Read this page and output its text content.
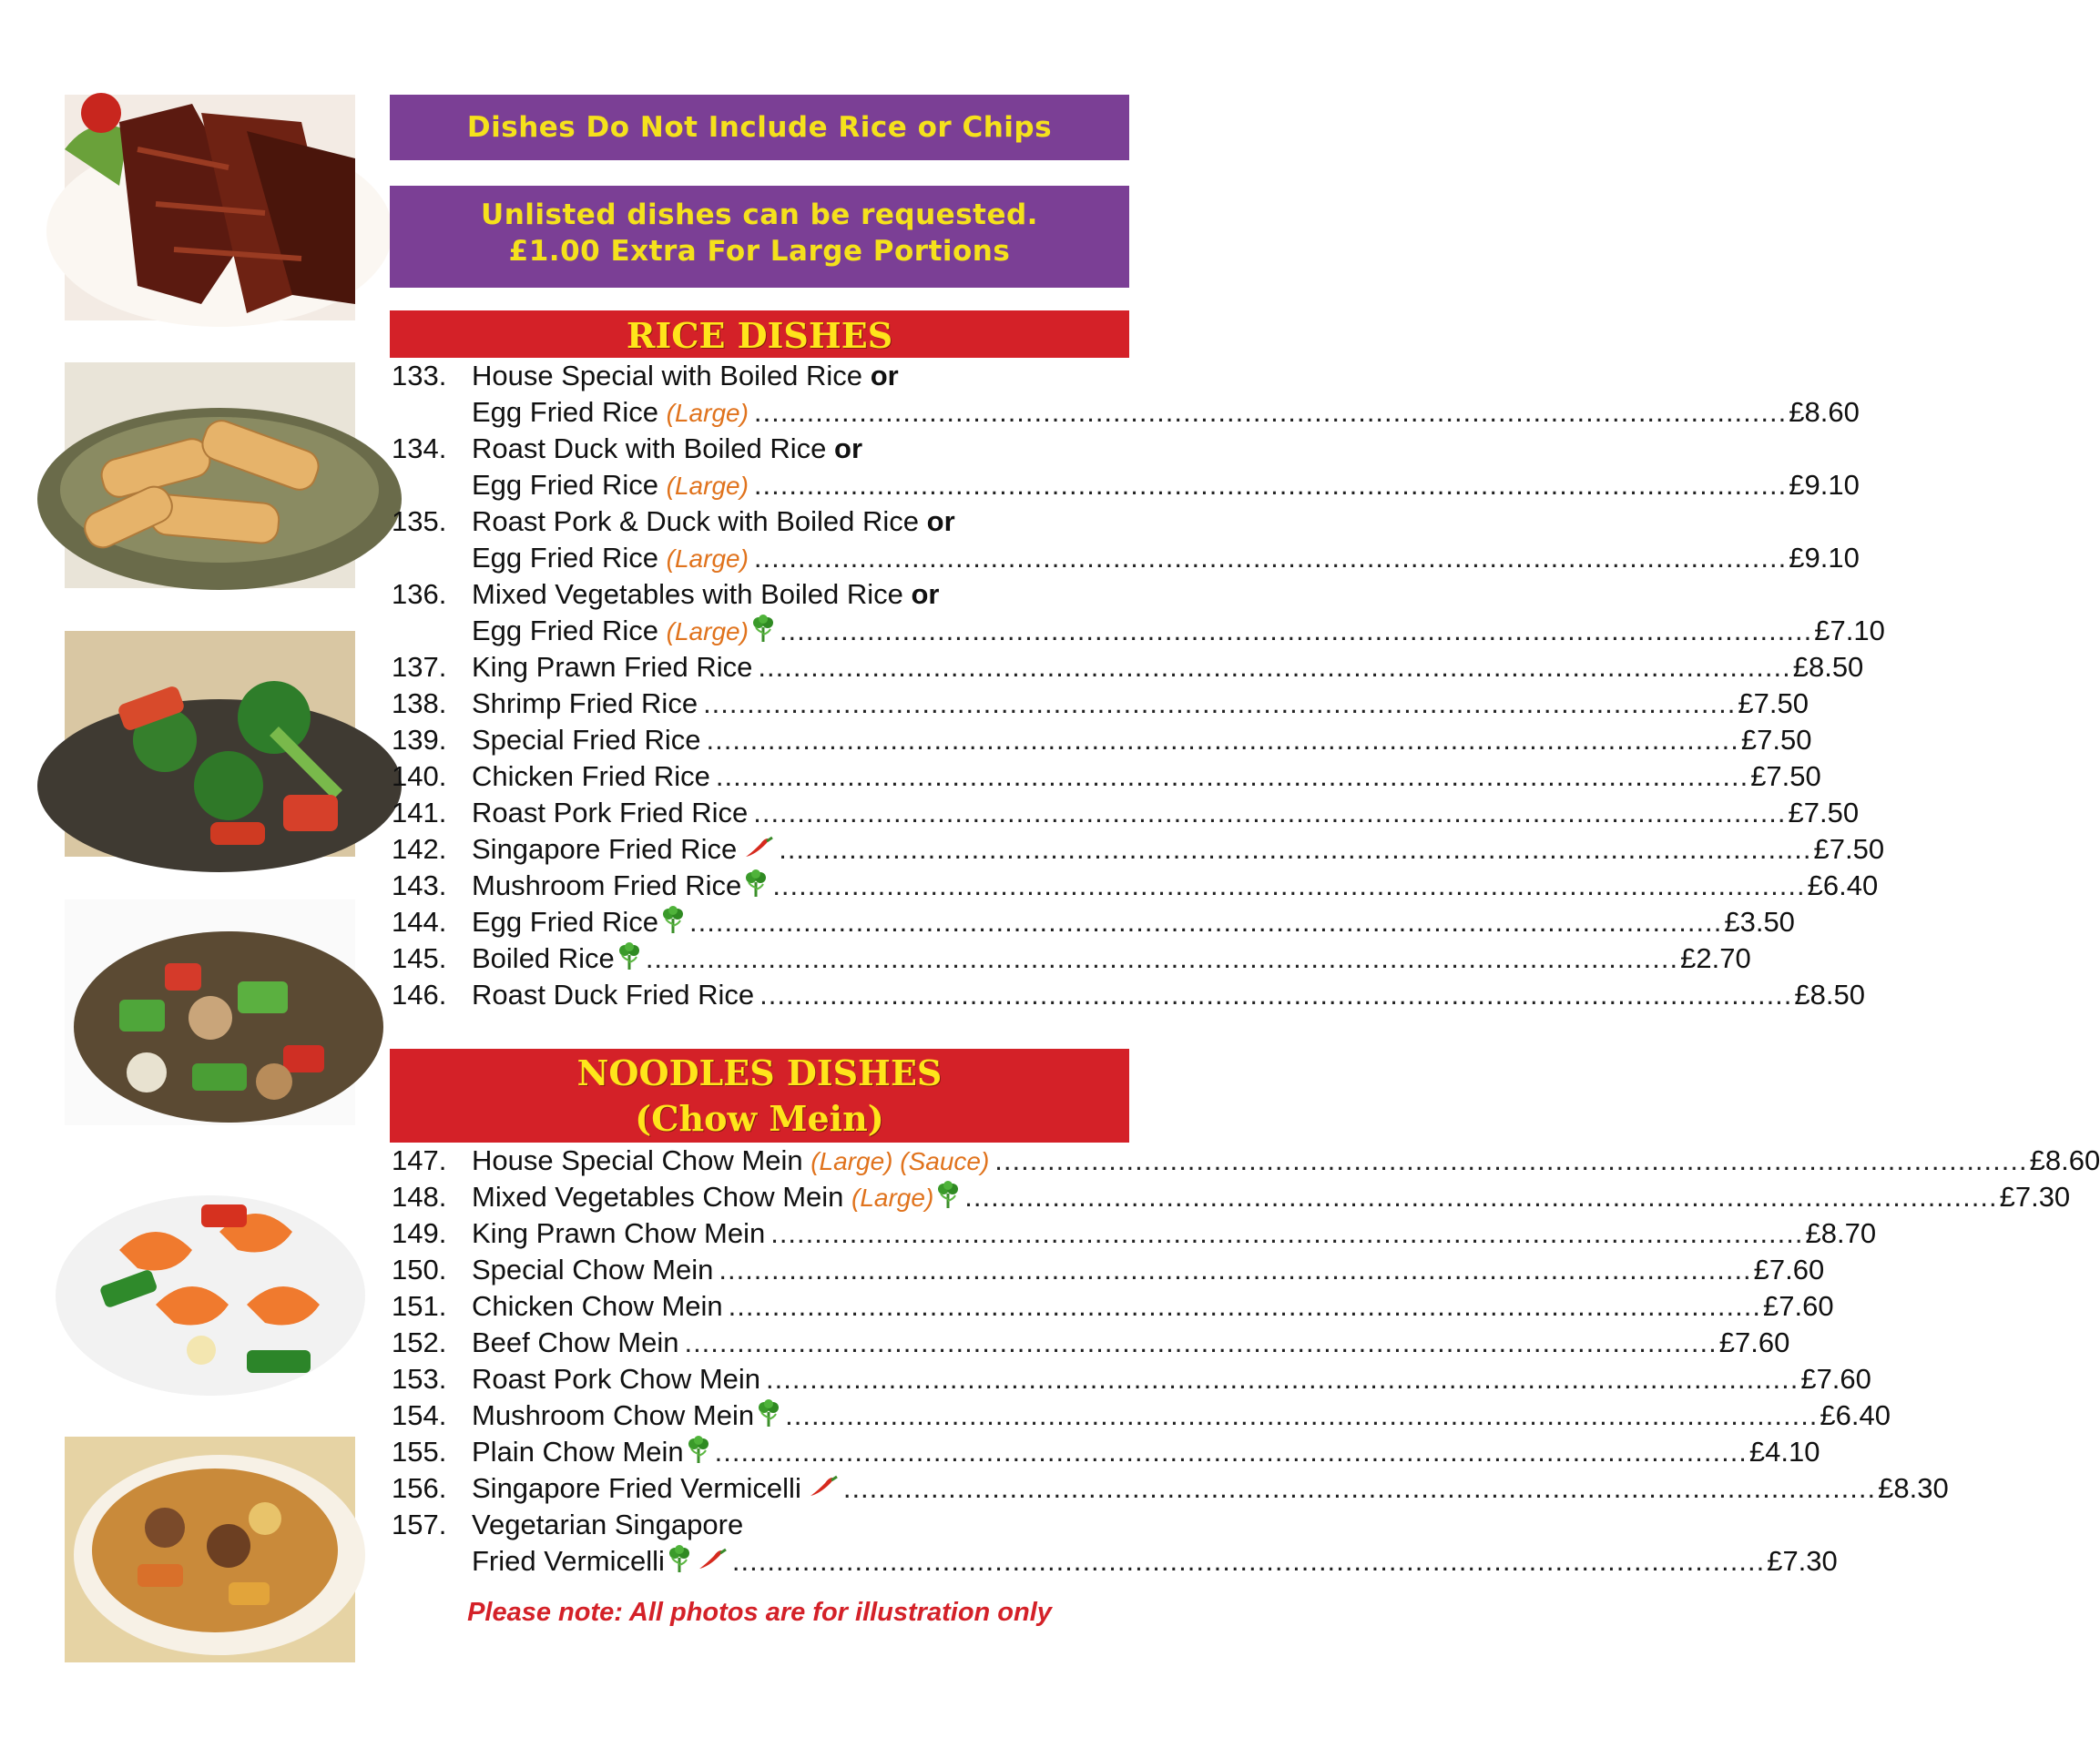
Dishes Do Not Include Rice or Chips
Unlisted dishes can be requested.
£1.00 Extra For Large Portions
RICE DISHES
133. House Special with Boiled Rice or
Egg Fried Rice (Large) ...................................................................................................................... £8.60
134. Roast Duck with Boiled Rice or
Egg Fried Rice (Large) ...................................................................................................................... £9.10
135. Roast Pork & Duck with Boiled Rice or
Egg Fried Rice (Large) ...................................................................................................................... £9.10
136. Mixed Vegetables with Boiled Rice or
Egg Fried Rice (Large)	...................................................................................................................... £7.10
137. King Prawn Fried Rice ...................................................................................................................... £8.50
138. Shrimp Fried Rice ...................................................................................................................... £7.50
139. Special Fried Rice ...................................................................................................................... £7.50
140. Chicken Fried Rice ...................................................................................................................... £7.50
141. Roast Pork Fried Rice ...................................................................................................................... £7.50
142. Singapore Fried Rice	...................................................................................................................... £7.50
143. Mushroom Fried Rice	...................................................................................................................... £6.40
144. Egg Fried Rice	...................................................................................................................... £3.50
145. Boiled Rice	...................................................................................................................... £2.70
146. Roast Duck Fried Rice ...................................................................................................................... £8.50
NOODLES DISHES
(Chow Mein)
147. House Special Chow Mein (Large) (Sauce) ...................................................................................................................... £8.60
148. Mixed Vegetables Chow Mein (Large)	...................................................................................................................... £7.30
149. King Prawn Chow Mein ...................................................................................................................... £8.70
150. Special Chow Mein ...................................................................................................................... £7.60
151. Chicken Chow Mein ...................................................................................................................... £7.60
152. Beef Chow Mein ...................................................................................................................... £7.60
153. Roast Pork Chow Mein ...................................................................................................................... £7.60
154. Mushroom Chow Mein	...................................................................................................................... £6.40
155. Plain Chow Mein	...................................................................................................................... £4.10
156. Singapore Fried Vermicelli	...................................................................................................................... £8.30
157. Vegetarian Singapore
Fried Vermicelli	...................................................................................................................... £7.30
Please note: All photos are for illustration only
